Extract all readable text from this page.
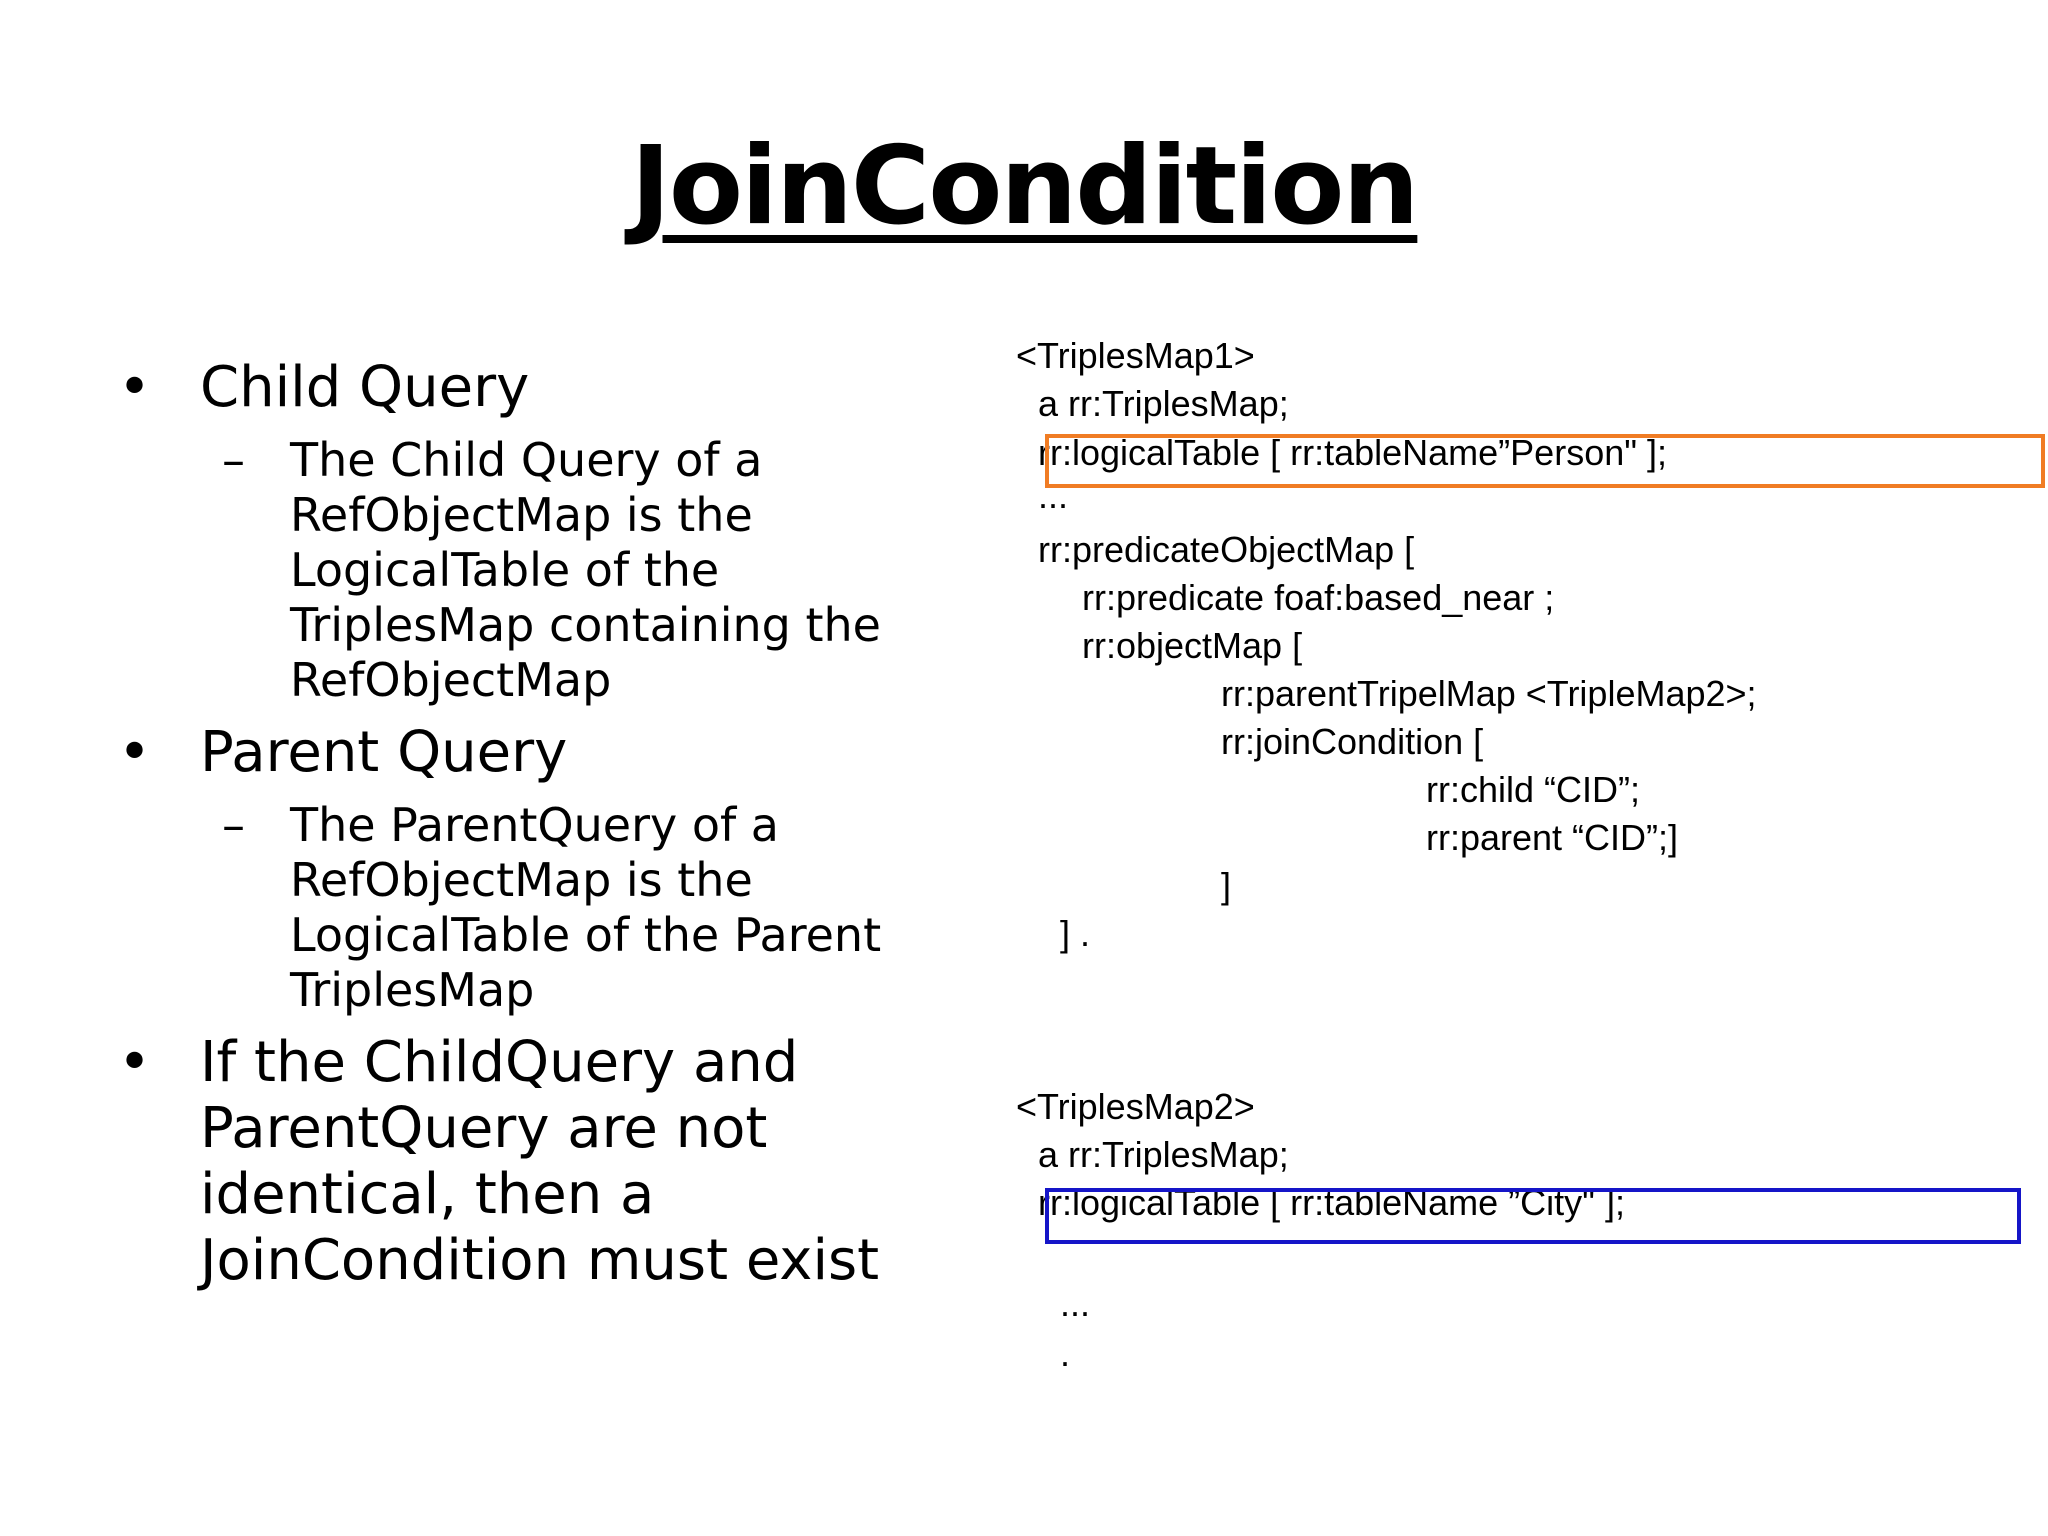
JoinCondition
• Child Query
– The Child Query of a
RefObjectMap is the
LogicalTable of the
TriplesMap containing the
RefObjectMap
• Parent Query
– The ParentQuery of a
RefObjectMap is the
LogicalTable of the Parent
TriplesMap
• If the ChildQuery and
ParentQuery are not
identical, then a
JoinCondition must exist

<TriplesMap1>

a rr:TriplesMap;

rr:logicalTable [ rr:tableName”Person" ];

...

rr:predicateObjectMap [

rr:predicate foaf:based_near ;

rr:objectMap [

rr:parentTripelMap <TripleMap2>;

rr:joinCondition [

rr:child “CID”;

rr:parent “CID”;]

]

] .

<TriplesMap2>

a rr:TriplesMap;

rr:logicalTable [ rr:tableName ”City" ];

...

.
